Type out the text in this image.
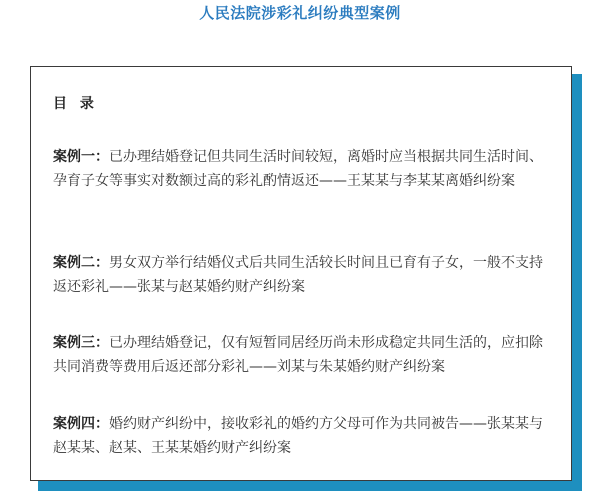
人民法院涉彩礼纠纷典型案例
目 录
案例一：已办理结婚登记但共同生活时间较短，离婚时应当根据共同生活时间、孕育子女等事实对数额过高的彩礼酌情返还——王某某与李某某离婚纠纷案
案例二：男女双方举行结婚仪式后共同生活较长时间且已育有子女，一般不支持返还彩礼——张某与赵某婚约财产纠纷案
案例三：已办理结婚登记，仅有短暂同居经历尚未形成稳定共同生活的，应扣除共同消费等费用后返还部分彩礼——刘某与朱某婚约财产纠纷案
案例四：婚约财产纠纷中，接收彩礼的婚约方父母可作为共同被告——张某某与赵某某、赵某、王某某婚约财产纠纷案
